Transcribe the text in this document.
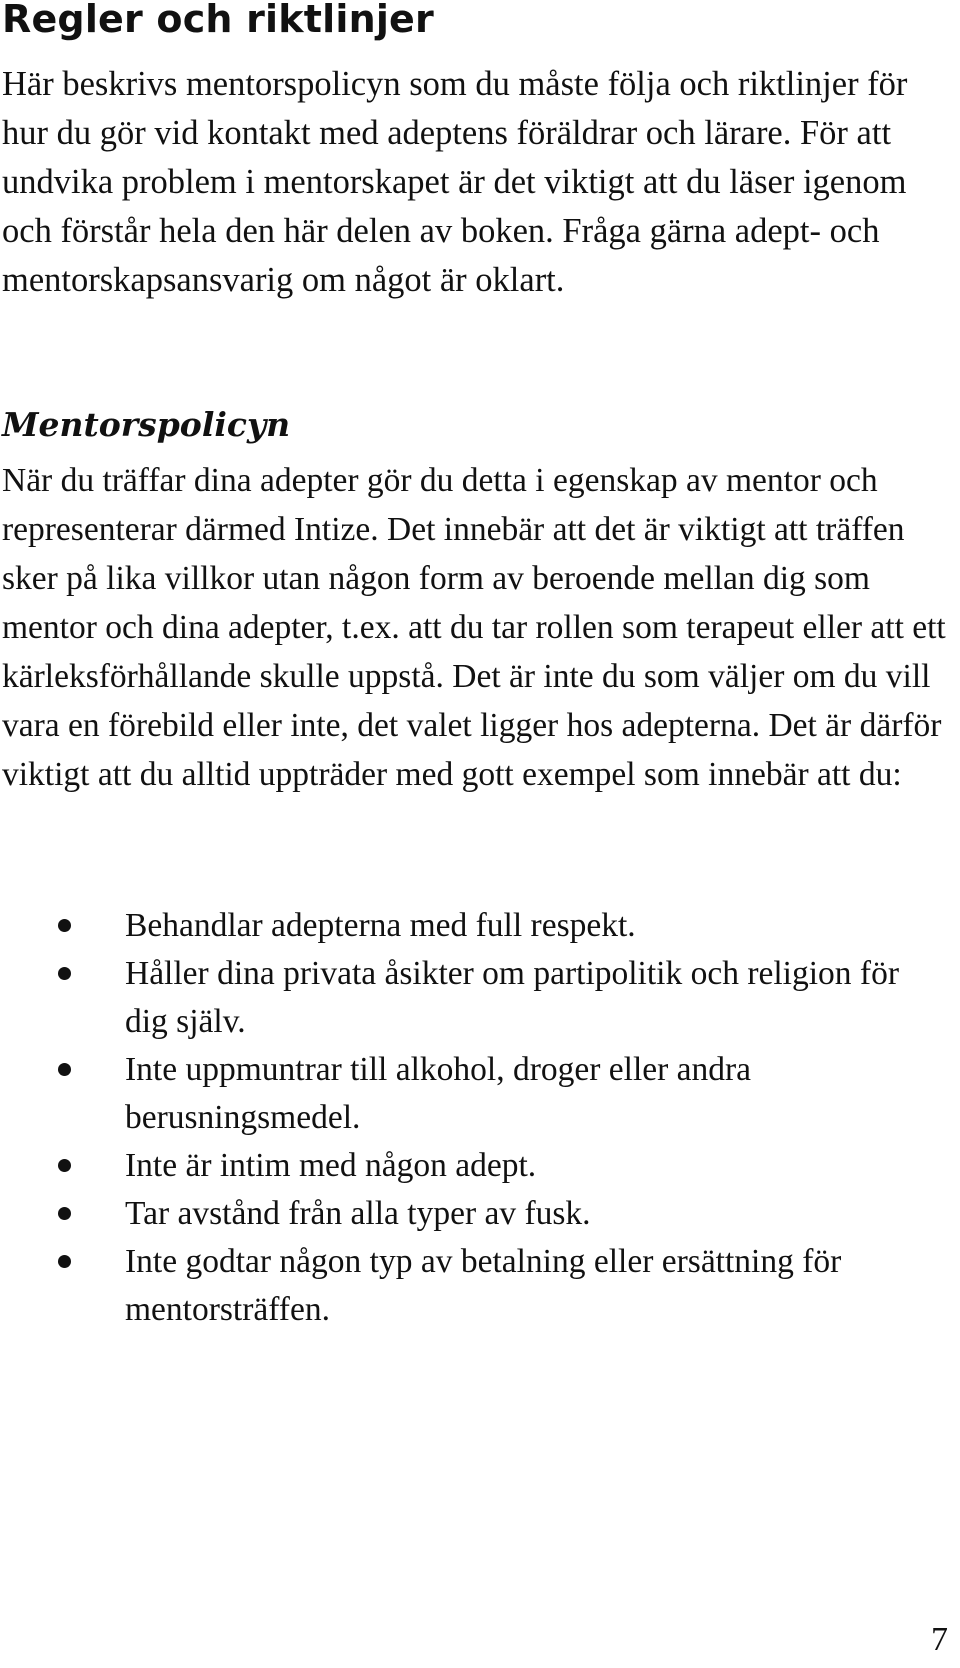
Regler och riktlinjer

Här beskrivs mentorspolicyn som du måste följa och riktlinjer för hur du gör vid kontakt med adeptens föräldrar och lärare. För att undvika problem i mentorskapet är det viktigt att du läser igenom och förstår hela den här delen av boken. Fråga gärna adept- och mentorskapsansvarig om något är oklart.

Mentorspolicyn

När du träffar dina adepter gör du detta i egenskap av mentor och representerar därmed Intize. Det innebär att det är viktigt att träffen sker på lika villkor utan någon form av beroende mellan dig som mentor och dina adepter, t.ex. att du tar rollen som terapeut eller att ett kärleksförhållande skulle uppstå. Det är inte du som väljer om du vill vara en förebild eller inte, det valet ligger hos adepterna. Det är därför viktigt att du alltid uppträder med gott exempel som innebär att du:

Behandlar adepterna med full respekt.
Håller dina privata åsikter om partipolitik och religion för dig själv.
Inte uppmuntrar till alkohol, droger eller andra berusningsmedel.
Inte är intim med någon adept.
Tar avstånd från alla typer av fusk.
Inte godtar någon typ av betalning eller ersättning för mentorsträffen.
7
